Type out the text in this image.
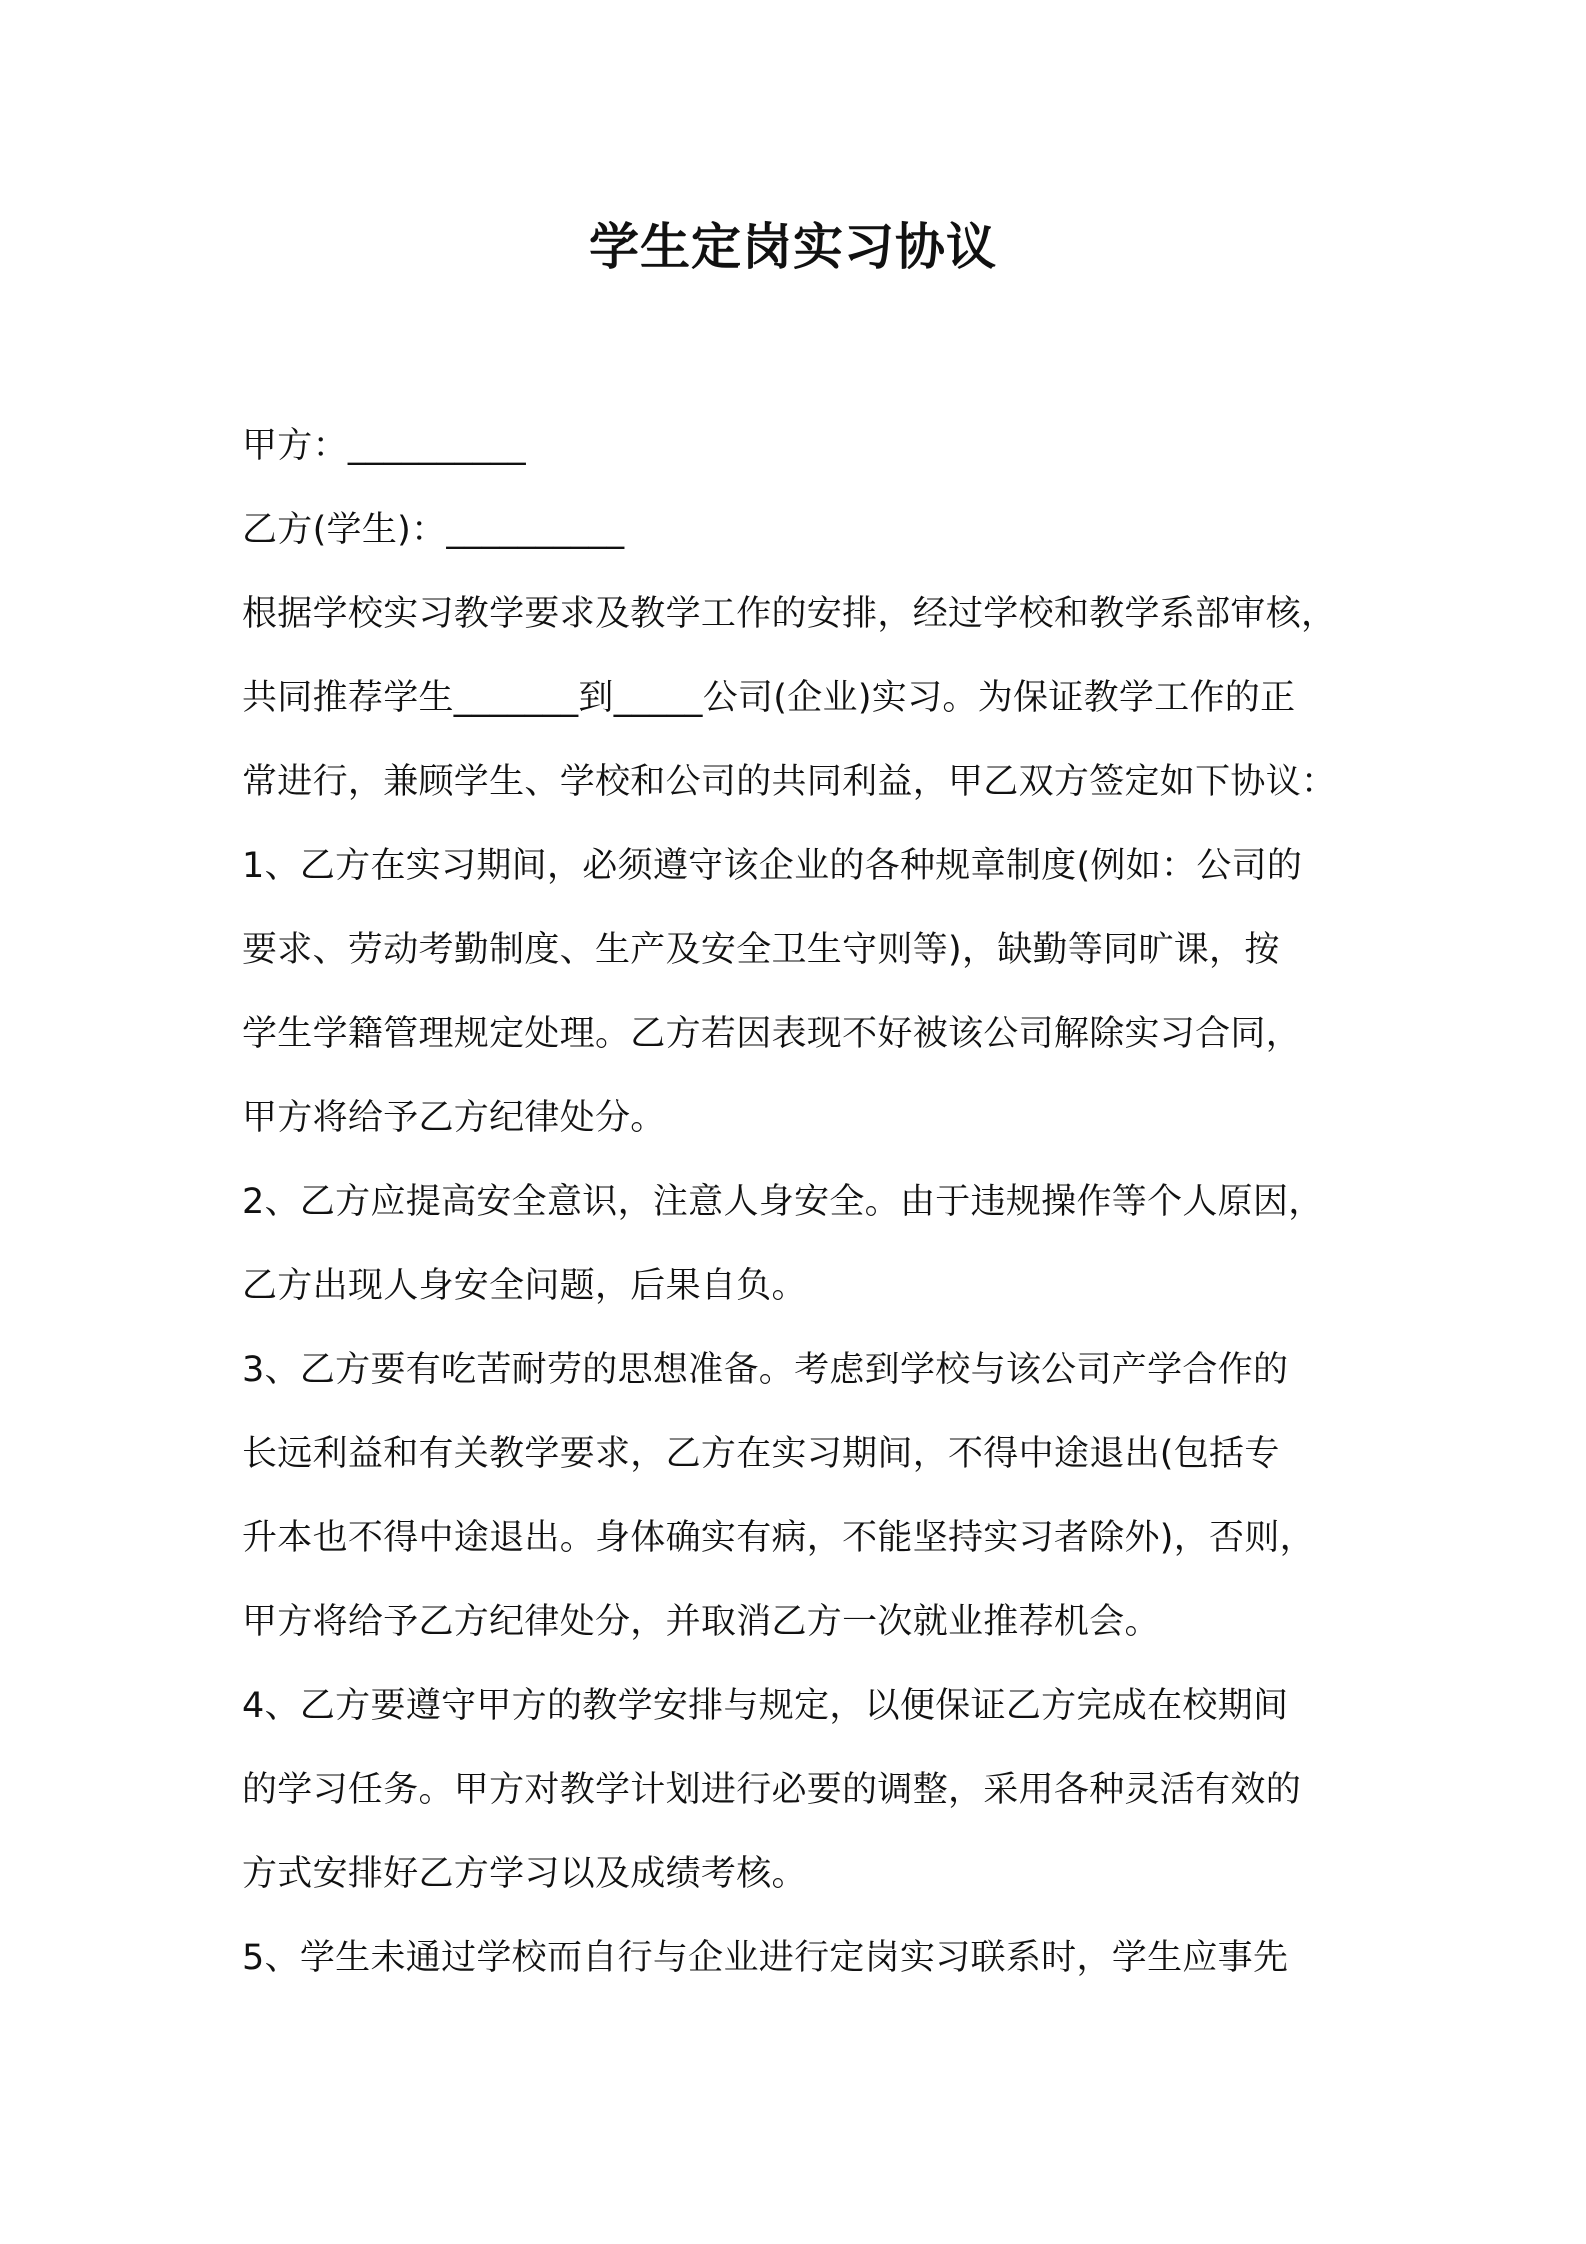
学生定岗实习协议
甲方：__________
乙方(学生)：__________
根据学校实习教学要求及教学工作的安排，经过学校和教学系部审核，
共同推荐学生_______到_____公司(企业)实习。为保证教学工作的正
常进行，兼顾学生、学校和公司的共同利益，甲乙双方签定如下协议：
1、乙方在实习期间，必须遵守该企业的各种规章制度(例如：公司的
要求、劳动考勤制度、生产及安全卫生守则等)，缺勤等同旷课，按
学生学籍管理规定处理。乙方若因表现不好被该公司解除实习合同，
甲方将给予乙方纪律处分。
2、乙方应提高安全意识，注意人身安全。由于违规操作等个人原因，
乙方出现人身安全问题，后果自负。
3、乙方要有吃苦耐劳的思想准备。考虑到学校与该公司产学合作的
长远利益和有关教学要求，乙方在实习期间，不得中途退出(包括专
升本也不得中途退出。身体确实有病，不能坚持实习者除外)，否则，
甲方将给予乙方纪律处分，并取消乙方一次就业推荐机会。
4、乙方要遵守甲方的教学安排与规定，以便保证乙方完成在校期间
的学习任务。甲方对教学计划进行必要的调整，采用各种灵活有效的
方式安排好乙方学习以及成绩考核。
5、学生未通过学校而自行与企业进行定岗实习联系时，学生应事先
